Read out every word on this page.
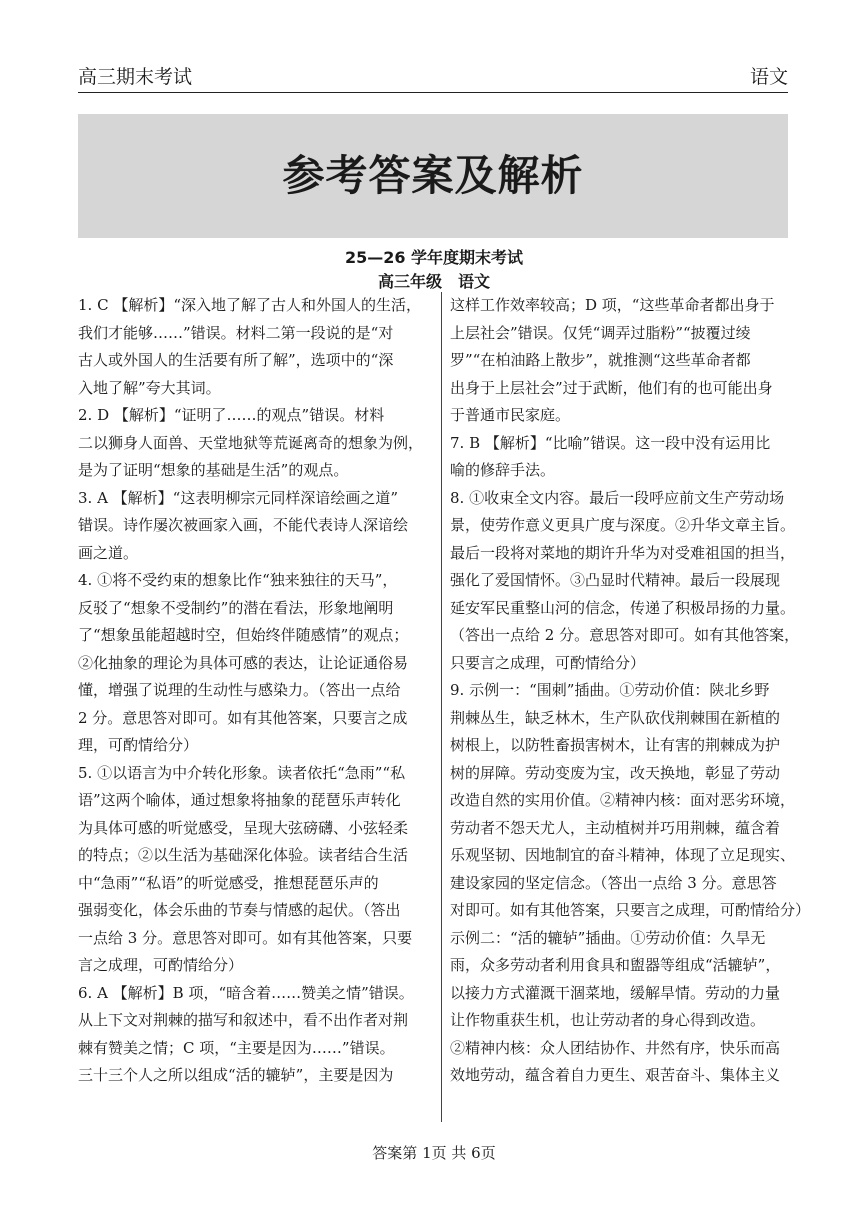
高三期末考试	语文
参考答案及解析
25—26 学年度期末考试
高三年级　语文

1. C 【解析】“深入地了解了古人和外国人的生活，

我们才能够……”错误。材料二第一段说的是“对

古人或外国人的生活要有所了解”，选项中的“深

入地了解”夸大其词。

2. D 【解析】“证明了……的观点”错误。材料

二以狮身人面兽、天堂地狱等荒诞离奇的想象为例，

是为了证明“想象的基础是生活”的观点。

3. A 【解析】“这表明柳宗元同样深谙绘画之道”

错误。诗作屡次被画家入画，不能代表诗人深谙绘

画之道。

4. ①将不受约束的想象比作“独来独往的天马”，

反驳了“想象不受制约”的潜在看法，形象地阐明

了“想象虽能超越时空，但始终伴随感情”的观点；

②化抽象的理论为具体可感的表达，让论证通俗易

懂，增强了说理的生动性与感染力。（答出一点给

2 分。意思答对即可。如有其他答案，只要言之成

理，可酌情给分）

5. ①以语言为中介转化形象。读者依托“急雨”“私

语”这两个喻体，通过想象将抽象的琵琶乐声转化

为具体可感的听觉感受，呈现大弦磅礴、小弦轻柔

的特点；②以生活为基础深化体验。读者结合生活

中“急雨”“私语”的听觉感受，推想琵琶乐声的

强弱变化，体会乐曲的节奏与情感的起伏。（答出

一点给 3 分。意思答对即可。如有其他答案，只要

言之成理，可酌情给分）

6. A 【解析】B 项，“暗含着……赞美之情”错误。

从上下文对荆棘的描写和叙述中，看不出作者对荆

棘有赞美之情；C 项，“主要是因为……”错误。

三十三个人之所以组成“活的辘轳”，主要是因为

这样工作效率较高；D 项，“这些革命者都出身于

上层社会”错误。仅凭“调弄过脂粉”“披覆过绫

罗”“在柏油路上散步”，就推测“这些革命者都

出身于上层社会”过于武断，他们有的也可能出身

于普通市民家庭。

7. B 【解析】“比喻”错误。这一段中没有运用比

喻的修辞手法。

8. ①收束全文内容。最后一段呼应前文生产劳动场

景，使劳作意义更具广度与深度。②升华文章主旨。

最后一段将对菜地的期许升华为对受难祖国的担当，

强化了爱国情怀。③凸显时代精神。最后一段展现

延安军民重整山河的信念，传递了积极昂扬的力量。

（答出一点给 2 分。意思答对即可。如有其他答案，

只要言之成理，可酌情给分）

9. 示例一：“围刺”插曲。①劳动价值：陕北乡野

荆棘丛生，缺乏林木，生产队砍伐荆棘围在新植的

树根上，以防牲畜损害树木，让有害的荆棘成为护

树的屏障。劳动变废为宝，改天换地，彰显了劳动

改造自然的实用价值。②精神内核：面对恶劣环境，

劳动者不怨天尤人，主动植树并巧用荆棘，蕴含着

乐观坚韧、因地制宜的奋斗精神，体现了立足现实、

建设家园的坚定信念。（答出一点给 3 分。意思答

对即可。如有其他答案，只要言之成理，可酌情给分）

示例二：“活的辘轳”插曲。①劳动价值：久旱无

雨，众多劳动者利用食具和盥器等组成“活辘轳”，

以接力方式灌溉干涸菜地，缓解旱情。劳动的力量

让作物重获生机，也让劳动者的身心得到改造。

②精神内核：众人团结协作、井然有序，快乐而高

效地劳动，蕴含着自力更生、艰苦奋斗、集体主义

答案第 1页 共 6页
